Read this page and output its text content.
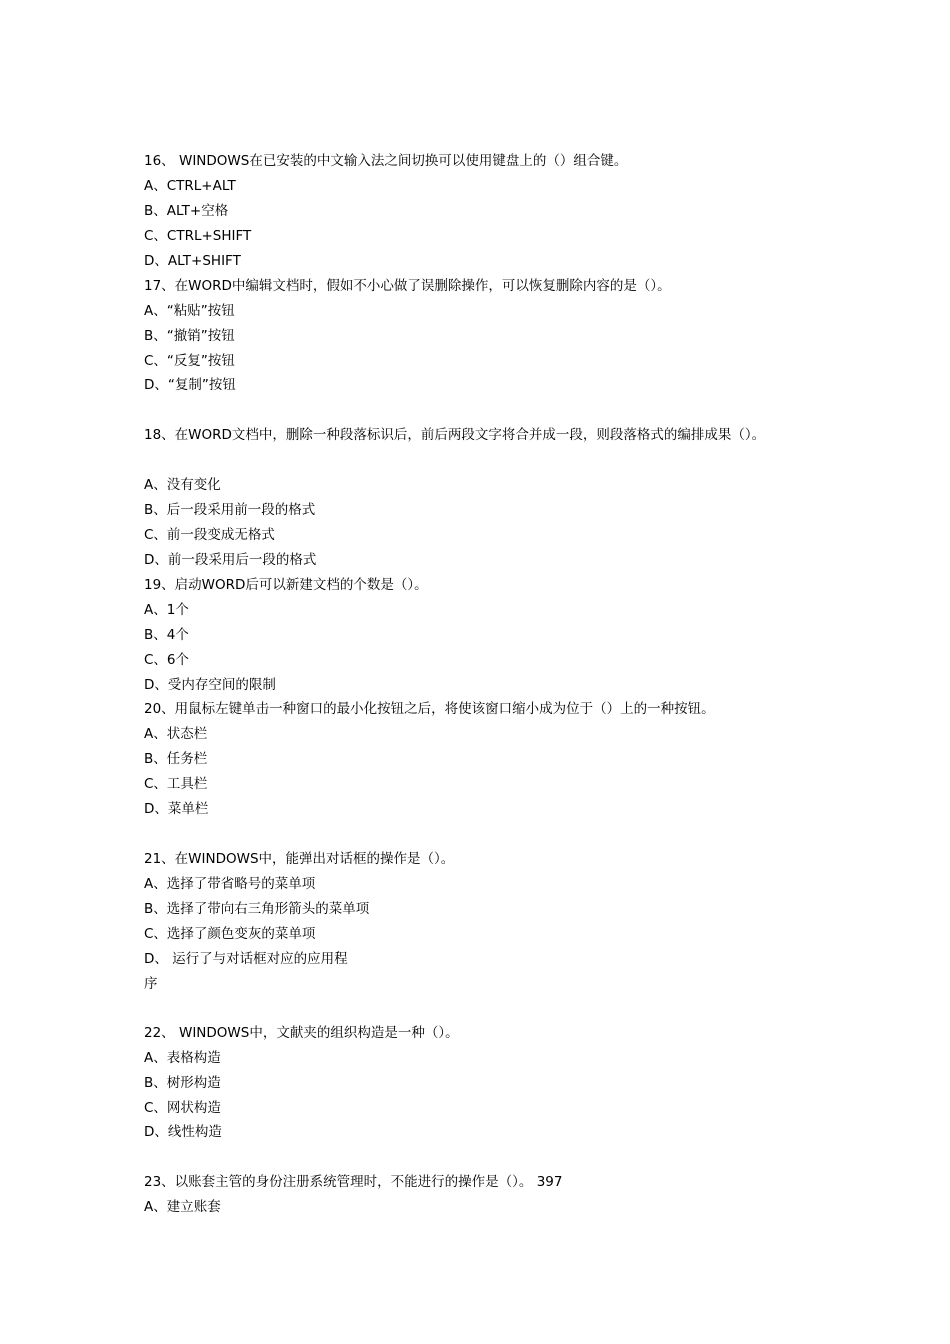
16、 WINDOWS在已安装的中文输入法之间切换可以使用键盘上的（）组合键。
A、CTRL+ALT
B、ALT+空格
C、CTRL+SHIFT
D、ALT+SHIFT
17、在WORD中编辑文档时，假如不小心做了误删除操作，可以恢复删除内容的是（）。
A、“粘贴”按钮
B、“撤销”按钮
C、“反复”按钮
D、“复制”按钮
18、在WORD文档中，删除一种段落标识后，前后两段文字将合并成一段，则段落格式的编排成果（）。
A、没有变化
B、后一段采用前一段的格式
C、前一段变成无格式
D、前一段采用后一段的格式
19、启动WORD后可以新建文档的个数是（）。
A、1个
B、4个
C、6个
D、受内存空间的限制
20、用鼠标左键单击一种窗口的最小化按钮之后，将使该窗口缩小成为位于（）上的一种按钮。
A、状态栏
B、任务栏
C、工具栏
D、菜单栏
21、在WINDOWS中，能弹出对话框的操作是（）。
A、选择了带省略号的菜单项
B、选择了带向右三角形箭头的菜单项
C、选择了颜色变灰的菜单项
D、 运行了与对话框对应的应用程
序
22、 WINDOWS中，文献夹的组织构造是一种（）。
A、表格构造
B、树形构造
C、网状构造
D、线性构造
23、以账套主管的身份注册系统管理时，不能进行的操作是（）。 397
A、建立账套
